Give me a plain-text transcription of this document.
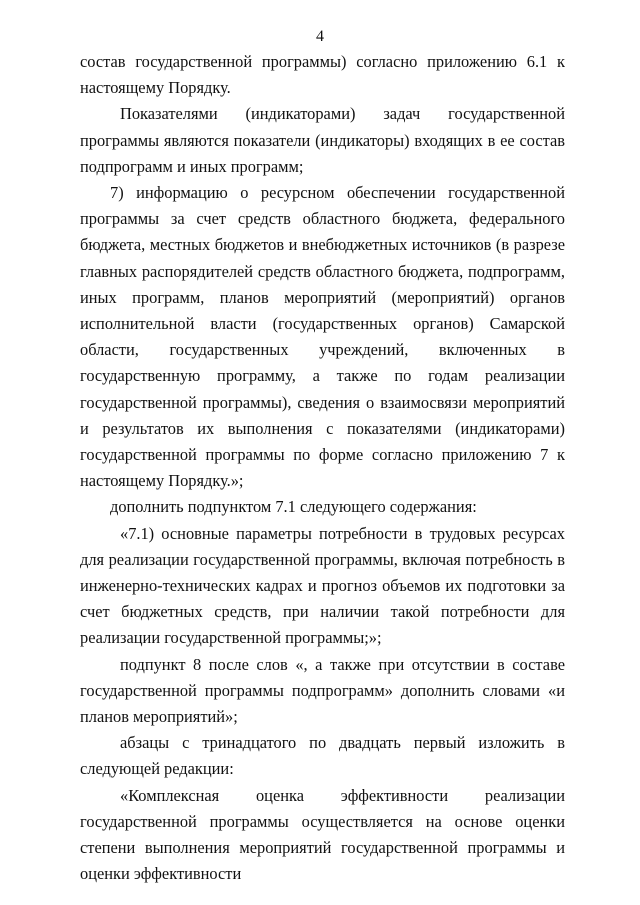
4

состав государственной программы) согласно приложению 6.1 к настоящему Порядку.

Показателями (индикаторами) задач государственной программы являются показатели (индикаторы) входящих в ее состав подпрограмм и иных программ;

7) информацию о ресурсном обеспечении государственной программы за счет средств областного бюджета, федерального бюджета, местных бюджетов и внебюджетных источников (в разрезе главных распорядителей средств областного бюджета, подпрограмм, иных программ, планов мероприятий (мероприятий) органов исполнительной власти (государственных органов) Самарской области, государственных учреждений, включенных в государственную программу, а также по годам реализации государственной программы), сведения о взаимосвязи мероприятий и результатов их выполнения с показателями (индикаторами) государственной программы по форме согласно приложению 7 к настоящему Порядку.»;

дополнить подпунктом 7.1 следующего содержания:

«7.1) основные параметры потребности в трудовых ресурсах для реализации государственной программы, включая потребность в инженерно-технических кадрах и прогноз объемов их подготовки за счет бюджетных средств, при наличии такой потребности для реализации государственной программы;»;

подпункт 8 после слов «, а также при отсутствии в составе государственной программы подпрограмм» дополнить словами «и планов мероприятий»;

абзацы с тринадцатого по двадцать первый изложить в следующей редакции:

«Комплексная оценка эффективности реализации государственной программы осуществляется на основе оценки степени выполнения мероприятий государственной программы и оценки эффективности
